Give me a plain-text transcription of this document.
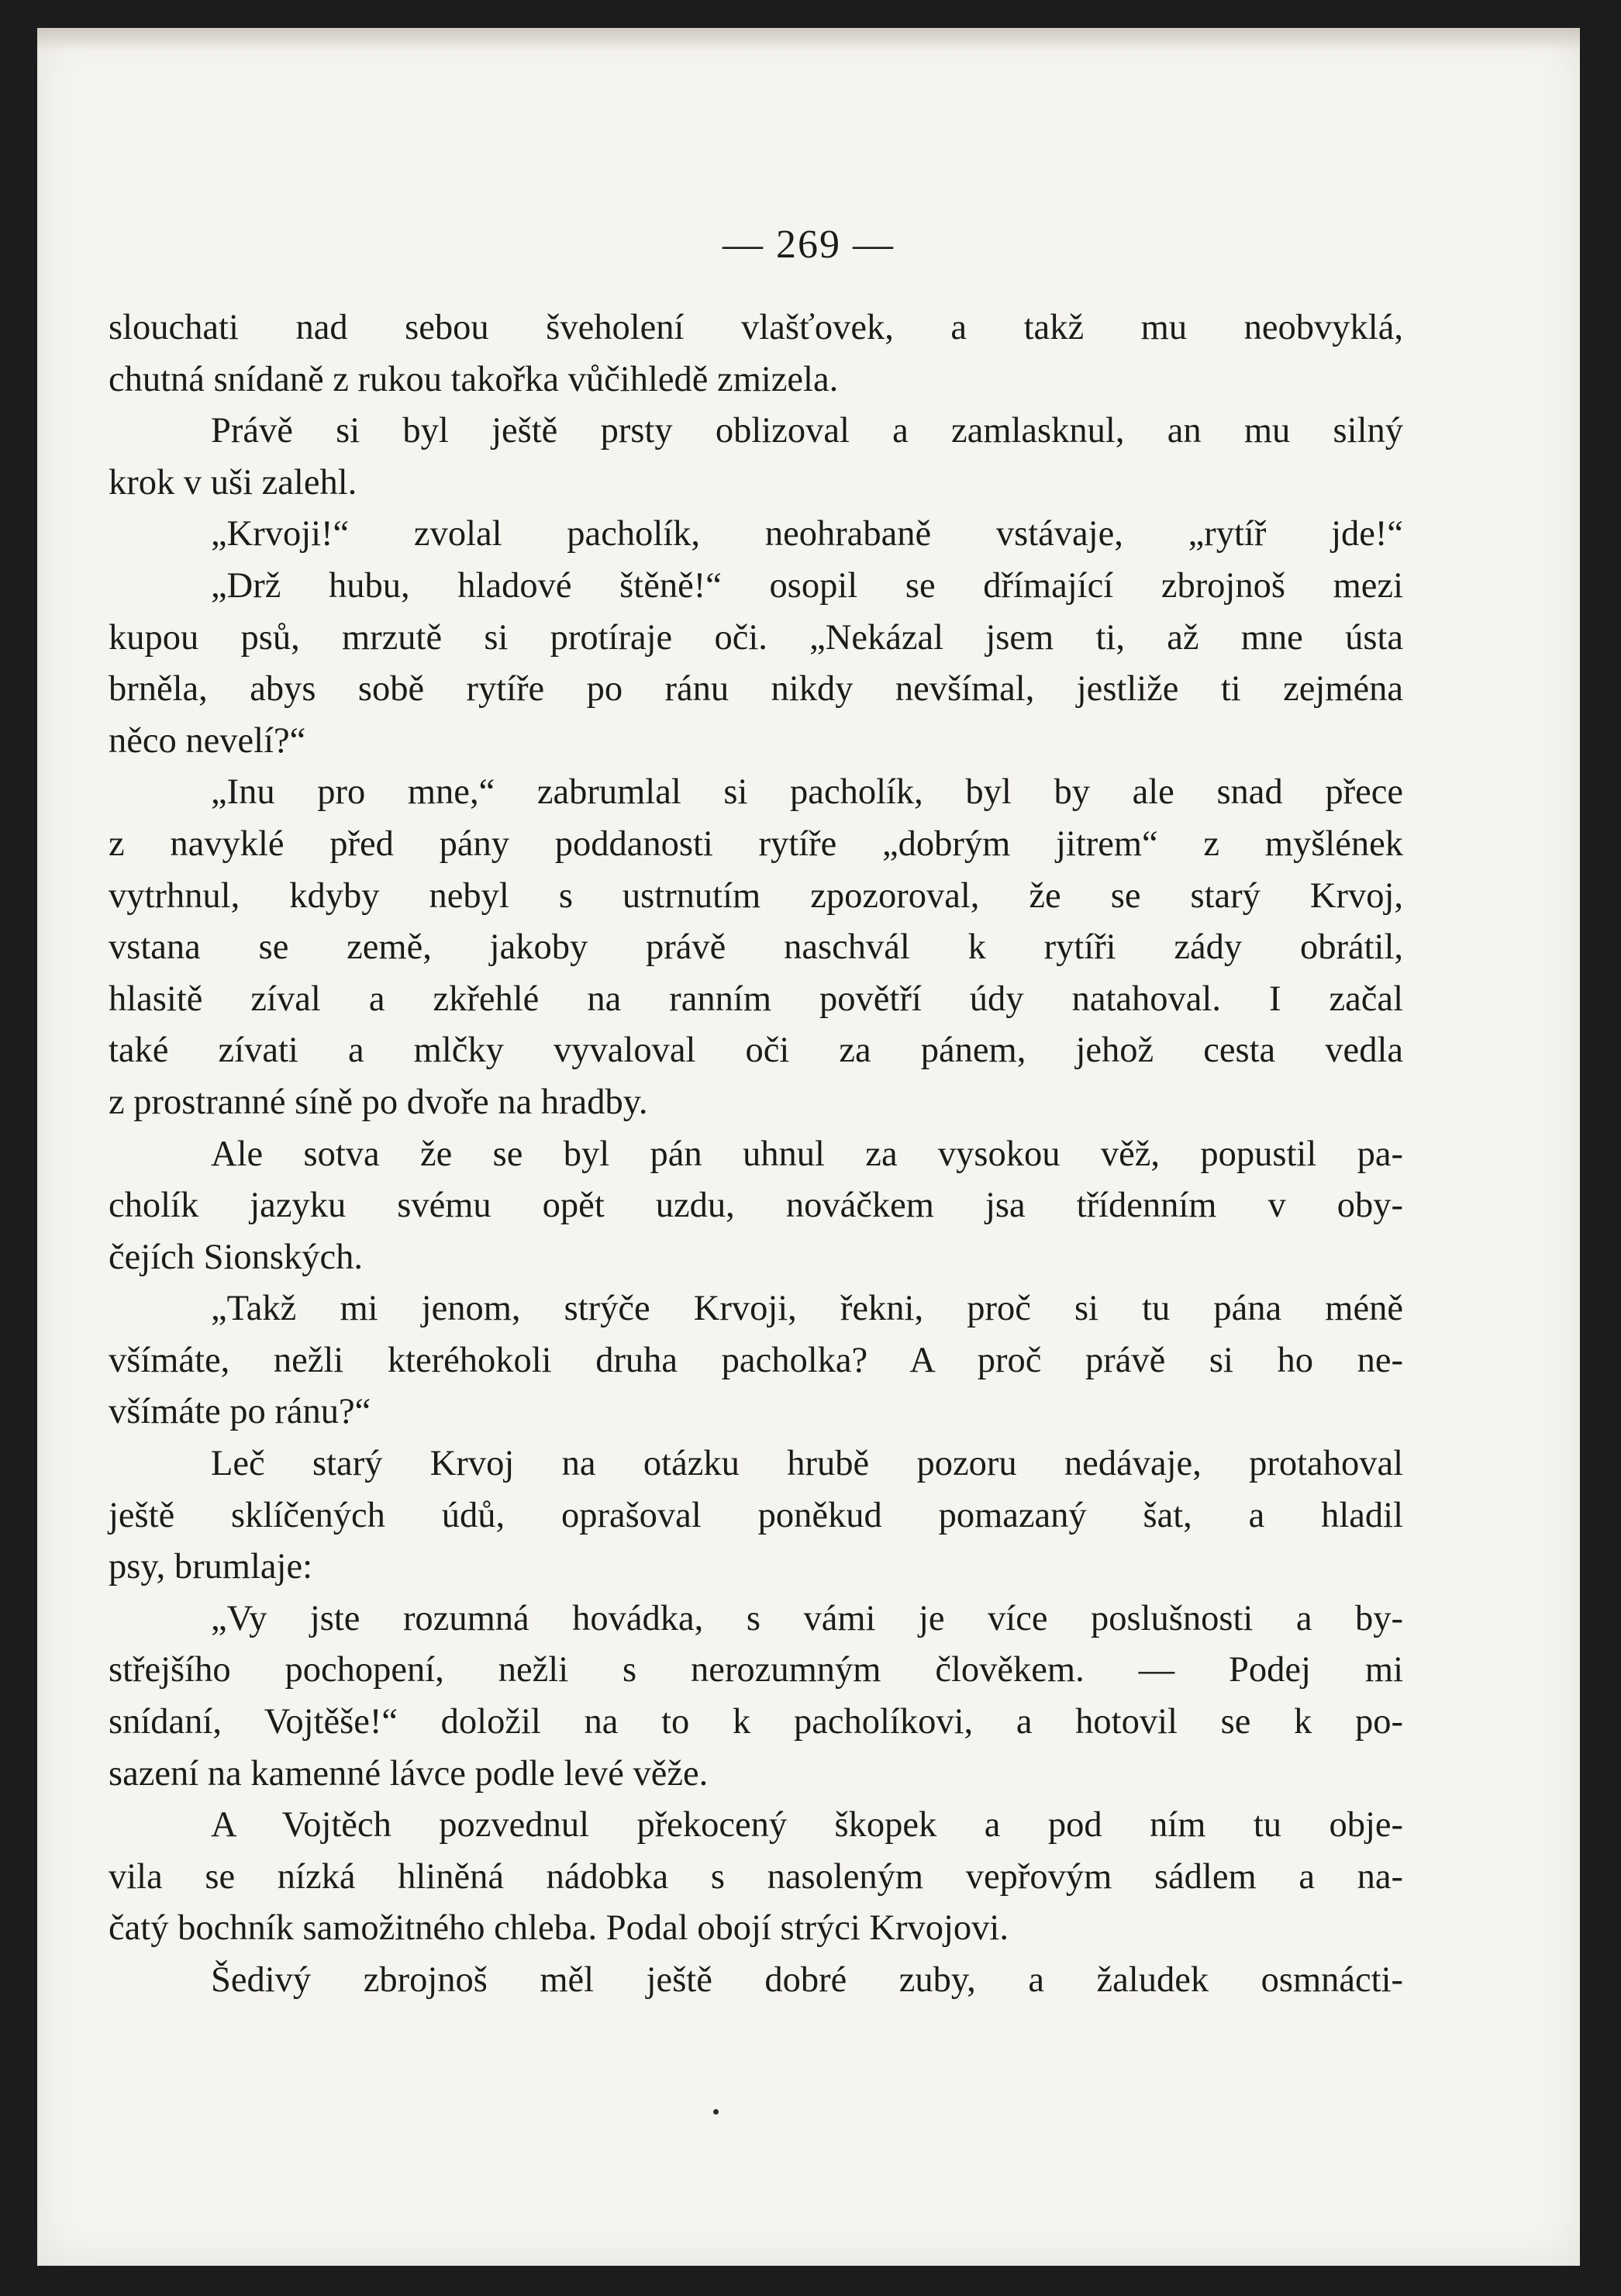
— 269 —
slouchati nad sebou šveholení vlašťovek, a takž mu neobvyklá,
chutná snídaně z rukou takořka vůčihledě zmizela.
Právě si byl ještě prsty oblizoval a zamlasknul, an mu silný
krok v uši zalehl.
„Krvoji!“ zvolal pacholík, neohrabaně vstávaje, „rytíř jde!“
„Drž hubu, hladové štěně!“ osopil se dřímající zbrojnoš mezi
kupou psů, mrzutě si protíraje oči. „Nekázal jsem ti, až mne ústa
brněla, abys sobě rytíře po ránu nikdy nevšímal, jestliže ti zejména
něco nevelí?“
„Inu pro mne,“ zabrumlal si pacholík, byl by ale snad přece
z navyklé před pány poddanosti rytíře „dobrým jitrem“ z myšlének
vytrhnul, kdyby nebyl s ustrnutím zpozoroval, že se starý Krvoj,
vstana se země, jakoby právě naschvál k rytíři zády obrátil,
hlasitě zíval a zkřehlé na ranním povětří údy natahoval. I začal
také zívati a mlčky vyvaloval oči za pánem, jehož cesta vedla
z prostranné síně po dvoře na hradby.
Ale sotva že se byl pán uhnul za vysokou věž, popustil pa-
cholík jazyku svému opět uzdu, nováčkem jsa třídenním v oby-
čejích Sionských.
„Takž mi jenom, strýče Krvoji, řekni, proč si tu pána méně
všímáte, nežli kteréhokoli druha pacholka? A proč právě si ho ne-
všímáte po ránu?“
Leč starý Krvoj na otázku hrubě pozoru nedávaje, protahoval
ještě sklíčených údů, oprašoval poněkud pomazaný šat, a hladil
psy, brumlaje:
„Vy jste rozumná hovádka, s vámi je více poslušnosti a by-
střejšího pochopení, nežli s nerozumným člověkem. — Podej mi
snídaní, Vojtěše!“ doložil na to k pacholíkovi, a hotovil se k po-
sazení na kamenné lávce podle levé věže.
A Vojtěch pozvednul překocený škopek a pod ním tu obje-
vila se nízká hliněná nádobka s nasoleným vepřovým sádlem a na-
čatý bochník samožitného chleba. Podal obojí strýci Krvojovi.
Šedivý zbrojnoš měl ještě dobré zuby, a žaludek osmnácti-
